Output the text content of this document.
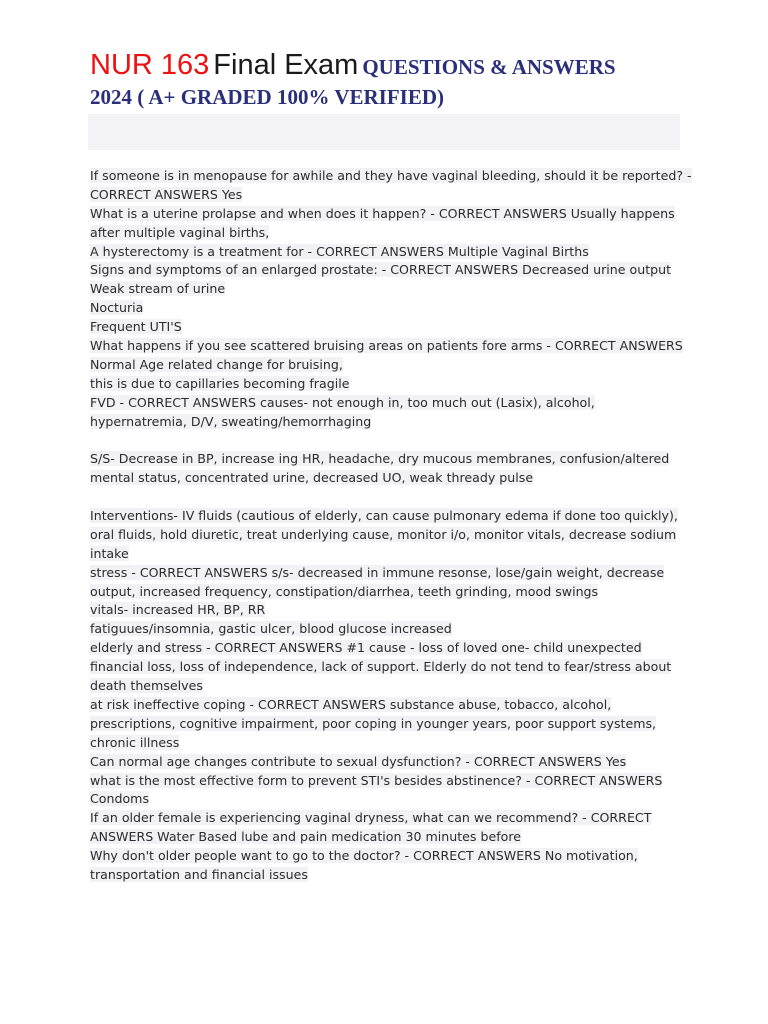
NUR 163 Final Exam QUESTIONS & ANSWERS
2024 ( A+ GRADED 100% VERIFIED)
If someone is in menopause for awhile and they have vaginal bleeding, should it be reported? -
CORRECT ANSWERS Yes
What is a uterine prolapse and when does it happen? - CORRECT ANSWERS Usually happens
after multiple vaginal births,
A hysterectomy is a treatment for - CORRECT ANSWERS Multiple Vaginal Births
Signs and symptoms of an enlarged prostate: - CORRECT ANSWERS Decreased urine output
Weak stream of urine
Nocturia
Frequent UTI'S
What happens if you see scattered bruising areas on patients fore arms - CORRECT ANSWERS
Normal Age related change for bruising,
this is due to capillaries becoming fragile
FVD - CORRECT ANSWERS causes- not enough in, too much out (Lasix), alcohol,
hypernatremia, D/V, sweating/hemorrhaging
S/S- Decrease in BP, increase ing HR, headache, dry mucous membranes, confusion/altered
mental status, concentrated urine, decreased UO, weak thready pulse
Interventions- IV fluids (cautious of elderly, can cause pulmonary edema if done too quickly),
oral fluids, hold diuretic, treat underlying cause, monitor i/o, monitor vitals, decrease sodium
intake
stress - CORRECT ANSWERS s/s- decreased in immune resonse, lose/gain weight, decrease
output, increased frequency, constipation/diarrhea, teeth grinding, mood swings
vitals- increased HR, BP, RR
fatiguues/insomnia, gastic ulcer, blood glucose increased
elderly and stress - CORRECT ANSWERS #1 cause - loss of loved one- child unexpected
financial loss, loss of independence, lack of support. Elderly do not tend to fear/stress about
death themselves
at risk ineffective coping - CORRECT ANSWERS substance abuse, tobacco, alcohol,
prescriptions, cognitive impairment, poor coping in younger years, poor support systems,
chronic illness
Can normal age changes contribute to sexual dysfunction? - CORRECT ANSWERS Yes
what is the most effective form to prevent STI's besides abstinence? - CORRECT ANSWERS
Condoms
If an older female is experiencing vaginal dryness, what can we recommend? - CORRECT
ANSWERS Water Based lube and pain medication 30 minutes before
Why don't older people want to go to the doctor? - CORRECT ANSWERS No motivation,
transportation and financial issues
